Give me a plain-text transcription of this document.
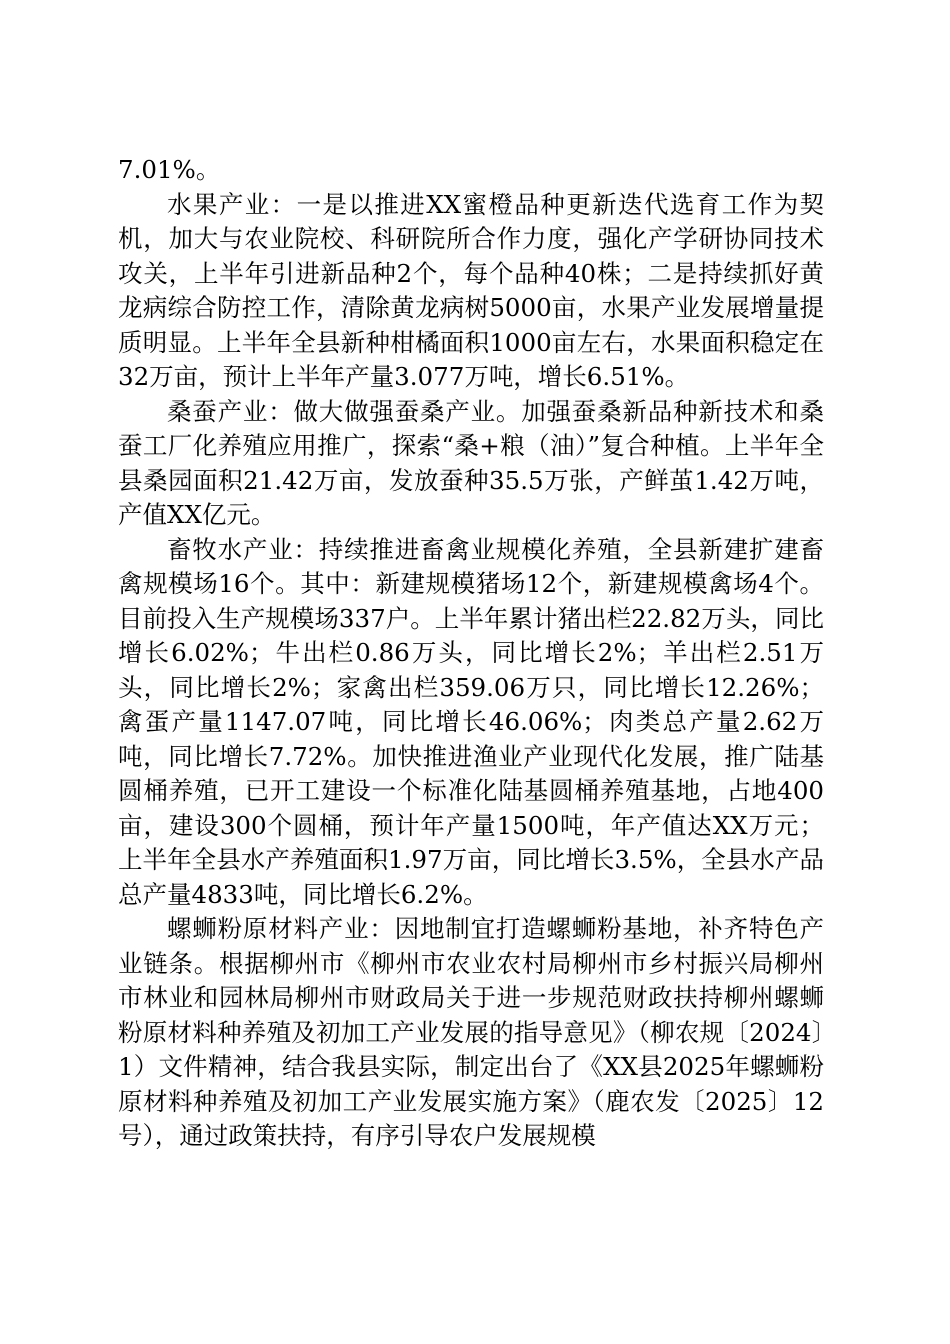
7.01%。

水果产业：一是以推进XX蜜橙品种更新迭代选育工作为契机，加大与农业院校、科研院所合作力度，强化产学研协同技术攻关，上半年引进新品种2个，每个品种40株；二是持续抓好黄龙病综合防控工作，清除黄龙病树5000亩，水果产业发展增量提质明显。上半年全县新种柑橘面积1000亩左右，水果面积稳定在32万亩，预计上半年产量3.077万吨，增长6.51%。

桑蚕产业：做大做强蚕桑产业。加强蚕桑新品种新技术和桑蚕工厂化养殖应用推广，探索“桑+粮（油）”复合种植。上半年全县桑园面积21.42万亩，发放蚕种35.5万张，产鲜茧1.42万吨，产值XX亿元。

畜牧水产业：持续推进畜禽业规模化养殖，全县新建扩建畜禽规模场16个。其中：新建规模猪场12个，新建规模禽场4个。目前投入生产规模场337户。上半年累计猪出栏22.82万头，同比增长6.02%；牛出栏0.86万头，同比增长2%；羊出栏2.51万头，同比增长2%；家禽出栏359.06万只，同比增长12.26%；禽蛋产量1147.07吨，同比增长46.06%；肉类总产量2.62万吨，同比增长7.72%。加快推进渔业产业现代化发展，推广陆基圆桶养殖，已开工建设一个标准化陆基圆桶养殖基地，占地400亩，建设300个圆桶，预计年产量1500吨，年产值达XX万元；上半年全县水产养殖面积1.97万亩，同比增长3.5%，全县水产品总产量4833吨，同比增长6.2%。

螺蛳粉原材料产业：因地制宜打造螺蛳粉基地，补齐特色产业链条。根据柳州市《柳州市农业农村局柳州市乡村振兴局柳州市林业和园林局柳州市财政局关于进一步规范财政扶持柳州螺蛳粉原材料种养殖及初加工产业发展的指导意见》（柳农规〔2024〕1）文件精神，结合我县实际，制定出台了《XX县2025年螺蛳粉原材料种养殖及初加工产业发展实施方案》（鹿农发〔2025〕12号），通过政策扶持，有序引导农户发展规模
